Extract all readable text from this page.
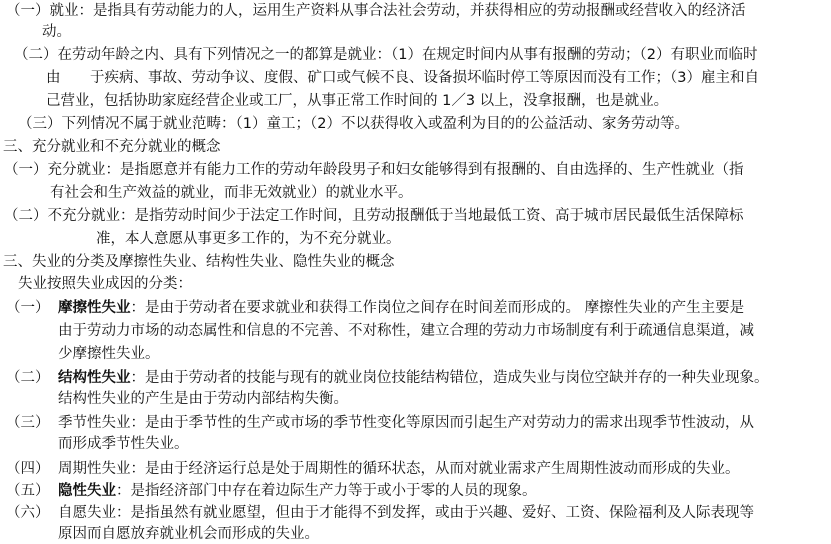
（一）就业：是指具有劳动能力的人，运用生产资料从事合法社会劳动，并获得相应的劳动报酬或经营收入的经济活
动。
（二）在劳动年龄之内、具有下列情况之一的都算是就业：（1）在规定时间内从事有报酬的劳动；（2）有职业而临时
由 于疾病、事故、劳动争议、度假、矿口或气候不良、设备损坏临时停工等原因而没有工作；（3）雇主和自
己营业，包括协助家庭经营企业或工厂，从事正常工作时间的 1／3 以上，没拿报酬，也是就业。
（三）下列情况不属于就业范畴：（1）童工；（2）不以获得收入或盈利为目的的公益活动、家务劳动等。
三、充分就业和不充分就业的概念
（一）充分就业：是指愿意并有能力工作的劳动年龄段男子和妇女能够得到有报酬的、自由选择的、生产性就业（指
有社会和生产效益的就业，而非无效就业）的就业水平。
（二）不充分就业：是指劳动时间少于法定工作时间，且劳动报酬低于当地最低工资、高于城市居民最低生活保障标
准，本人意愿从事更多工作的，为不充分就业。
三、失业的分类及摩擦性失业、结构性失业、隐性失业的概念
失业按照失业成因的分类：
（一） 摩擦性失业：是由于劳动者在要求就业和获得工作岗位之间存在时间差而形成的。 摩擦性失业的产生主要是
由于劳动力市场的动态属性和信息的不完善、不对称性，建立合理的劳动力市场制度有利于疏通信息渠道，减
少摩擦性失业。
（二） 结构性失业：是由于劳动者的技能与现有的就业岗位技能结构错位，造成失业与岗位空缺并存的一种失业现象。
结构性失业的产生是由于劳动内部结构失衡。
（三） 季节性失业：是由于季节性的生产或市场的季节性变化等原因而引起生产对劳动力的需求出现季节性波动，从
而形成季节性失业。
（四） 周期性失业：是由于经济运行总是处于周期性的循环状态，从而对就业需求产生周期性波动而形成的失业。
（五） 隐性失业：是指经济部门中存在着边际生产力等于或小于零的人员的现象。
（六） 自愿失业：是指虽然有就业愿望，但由于才能得不到发挥，或由于兴趣、爱好、工资、保险福利及人际表现等
原因而自愿放弃就业机会而形成的失业。
